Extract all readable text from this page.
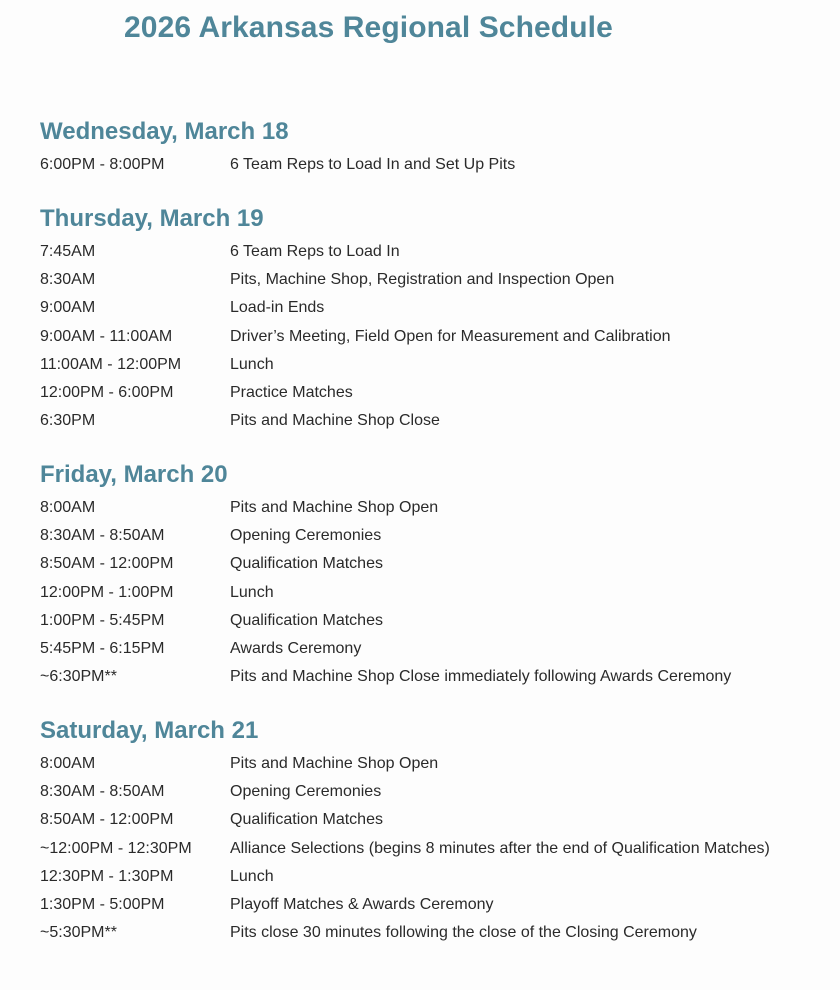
2026 Arkansas Regional Schedule
Wednesday, March 18
6:00PM - 8:00PM	6 Team Reps to Load In and Set Up Pits
Thursday, March 19
7:45AM	6 Team Reps to Load In
8:30AM	Pits, Machine Shop, Registration and Inspection Open
9:00AM	Load-in Ends
9:00AM - 11:00AM	Driver’s Meeting, Field Open for Measurement and Calibration
11:00AM - 12:00PM	Lunch
12:00PM - 6:00PM	Practice Matches
6:30PM	Pits and Machine Shop Close
Friday, March 20
8:00AM	Pits and Machine Shop Open
8:30AM - 8:50AM	Opening Ceremonies
8:50AM - 12:00PM	Qualification Matches
12:00PM - 1:00PM	Lunch
1:00PM - 5:45PM	Qualification Matches
5:45PM - 6:15PM	Awards Ceremony
~6:30PM**	Pits and Machine Shop Close immediately following Awards Ceremony
Saturday, March 21
8:00AM	Pits and Machine Shop Open
8:30AM - 8:50AM	Opening Ceremonies
8:50AM - 12:00PM	Qualification Matches
~12:00PM - 12:30PM Alliance Selections (begins 8 minutes after the end of Qualification Matches)
12:30PM - 1:30PM	Lunch
1:30PM - 5:00PM	Playoff Matches & Awards Ceremony
~5:30PM**	Pits close 30 minutes following the close of the Closing Ceremony
